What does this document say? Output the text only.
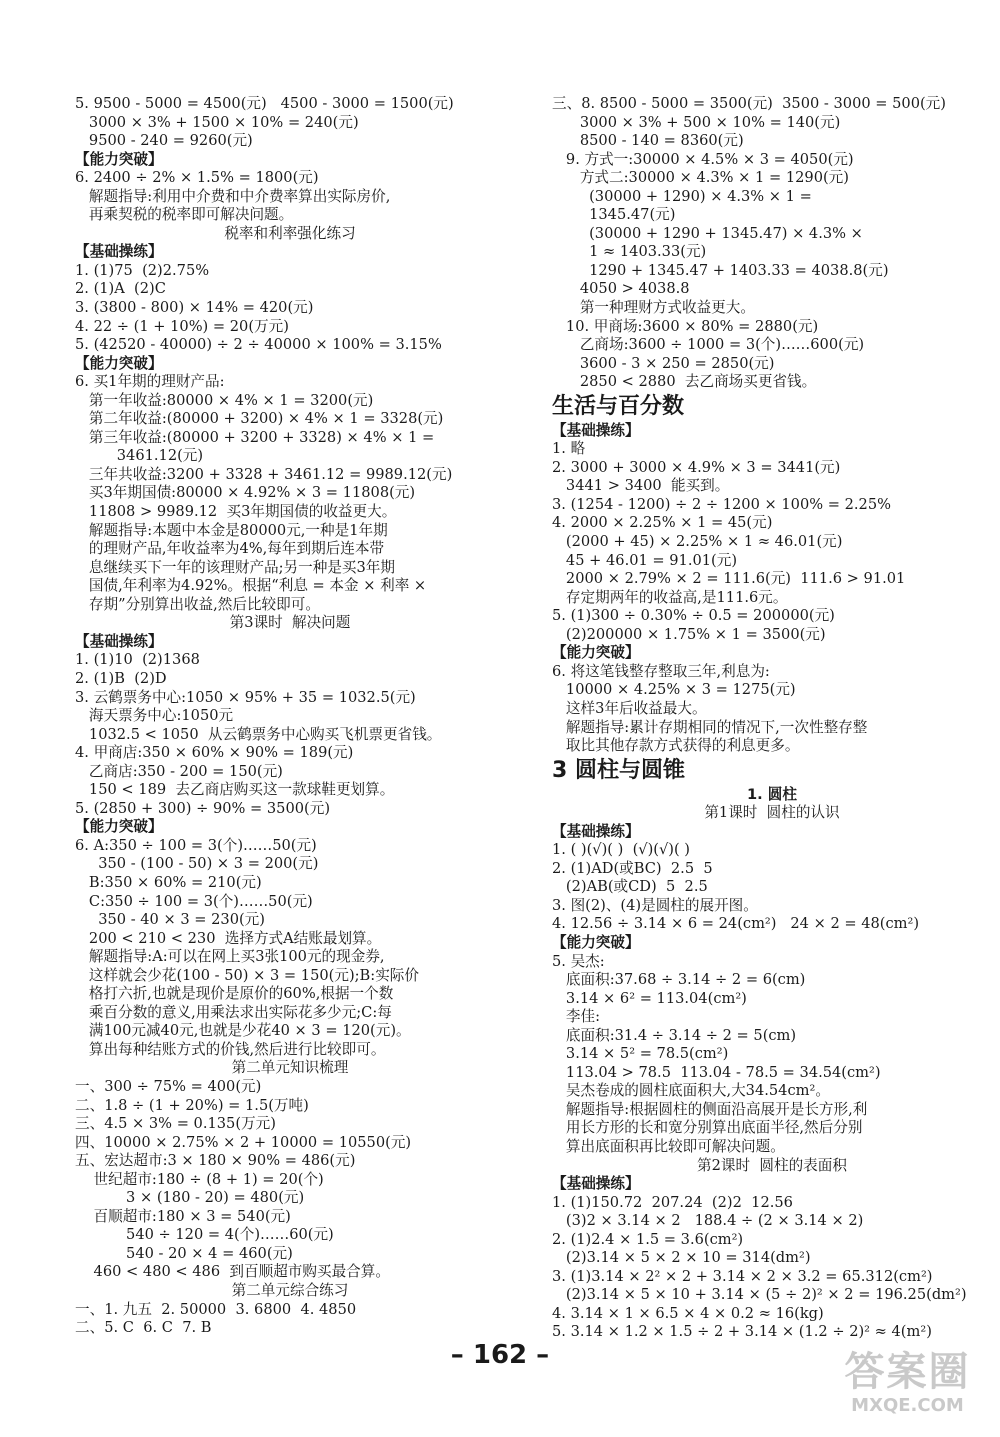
5. 9500 - 5000 = 4500(元)   4500 - 3000 = 1500(元)
3000 × 3% + 1500 × 10% = 240(元)
9500 - 240 = 9260(元)
【能力突破】
6. 2400 ÷ 2% × 1.5% = 1800(元)
解题指导:利用中介费和中介费率算出实际房价,
再乘契税的税率即可解决问题。
税率和利率强化练习
【基础操练】
1. (1)75  (2)2.75%
2. (1)A  (2)C
3. (3800 - 800) × 14% = 420(元)
4. 22 ÷ (1 + 10%) = 20(万元)
5. (42520 - 40000) ÷ 2 ÷ 40000 × 100% = 3.15%
【能力突破】
6. 买1年期的理财产品:
第一年收益:80000 × 4% × 1 = 3200(元)
第二年收益:(80000 + 3200) × 4% × 1 = 3328(元)
第三年收益:(80000 + 3200 + 3328) × 4% × 1 =
3461.12(元)
三年共收益:3200 + 3328 + 3461.12 = 9989.12(元)
买3年期国债:80000 × 4.92% × 3 = 11808(元)
11808 > 9989.12  买3年期国债的收益更大。
解题指导:本题中本金是80000元,一种是1年期
的理财产品,年收益率为4%,每年到期后连本带
息继续买下一年的该理财产品;另一种是买3年期
国债,年利率为4.92%。根据“利息 = 本金 × 利率 ×
存期”分别算出收益,然后比较即可。
第3课时  解决问题
【基础操练】
1. (1)10  (2)1368
2. (1)B  (2)D
3. 云鹤票务中心:1050 × 95% + 35 = 1032.5(元)
海天票务中心:1050元
1032.5 < 1050  从云鹤票务中心购买飞机票更省钱。
4. 甲商店:350 × 60% × 90% = 189(元)
乙商店:350 - 200 = 150(元)
150 < 189  去乙商店购买这一款球鞋更划算。
5. (2850 + 300) ÷ 90% = 3500(元)
【能力突破】
6. A:350 ÷ 100 = 3(个)……50(元)
350 - (100 - 50) × 3 = 200(元)
B:350 × 60% = 210(元)
C:350 ÷ 100 = 3(个)……50(元)
350 - 40 × 3 = 230(元)
200 < 210 < 230  选择方式A结账最划算。
解题指导:A:可以在网上买3张100元的现金券,
这样就会少花(100 - 50) × 3 = 150(元);B:实际价
格打六折,也就是现价是原价的60%,根据一个数
乘百分数的意义,用乘法求出实际花多少元;C:每
满100元减40元,也就是少花40 × 3 = 120(元)。
算出每种结账方式的价钱,然后进行比较即可。
第二单元知识梳理
一、300 ÷ 75% = 400(元)
二、1.8 ÷ (1 + 20%) = 1.5(万吨)
三、4.5 × 3% = 0.135(万元)
四、10000 × 2.75% × 2 + 10000 = 10550(元)
五、宏达超市:3 × 180 × 90% = 486(元)
世纪超市:180 ÷ (8 + 1) = 20(个)
3 × (180 - 20) = 480(元)
百顺超市:180 × 3 = 540(元)
540 ÷ 120 = 4(个)……60(元)
540 - 20 × 4 = 460(元)
460 < 480 < 486  到百顺超市购买最合算。
第二单元综合练习
一、1. 九五  2. 50000  3. 6800  4. 4850
二、5. C  6. C  7. B
三、8. 8500 - 5000 = 3500(元)  3500 - 3000 = 500(元)
3000 × 3% + 500 × 10% = 140(元)
8500 - 140 = 8360(元)
9. 方式一:30000 × 4.5% × 3 = 4050(元)
方式二:30000 × 4.3% × 1 = 1290(元)
(30000 + 1290) × 4.3% × 1 =
1345.47(元)
(30000 + 1290 + 1345.47) × 4.3% ×
1 ≈ 1403.33(元)
1290 + 1345.47 + 1403.33 = 4038.8(元)
4050 > 4038.8
第一种理财方式收益更大。
10. 甲商场:3600 × 80% = 2880(元)
乙商场:3600 ÷ 1000 = 3(个)……600(元)
3600 - 3 × 250 = 2850(元)
2850 < 2880  去乙商场买更省钱。
生活与百分数
【基础操练】
1. 略
2. 3000 + 3000 × 4.9% × 3 = 3441(元)
3441 > 3400  能买到。
3. (1254 - 1200) ÷ 2 ÷ 1200 × 100% = 2.25%
4. 2000 × 2.25% × 1 = 45(元)
(2000 + 45) × 2.25% × 1 ≈ 46.01(元)
45 + 46.01 = 91.01(元)
2000 × 2.79% × 2 = 111.6(元)  111.6 > 91.01
存定期两年的收益高,是111.6元。
5. (1)300 ÷ 0.30% ÷ 0.5 = 200000(元)
(2)200000 × 1.75% × 1 = 3500(元)
【能力突破】
6. 将这笔钱整存整取三年,利息为:
10000 × 4.25% × 3 = 1275(元)
这样3年后收益最大。
解题指导:累计存期相同的情况下,一次性整存整
取比其他存款方式获得的利息更多。
3 圆柱与圆锥
1. 圆柱
第1课时  圆柱的认识
【基础操练】
1. ( )(√)( )  (√)(√)( )
2. (1)AD(或BC)  2.5  5
(2)AB(或CD)  5  2.5
3. 图(2)、(4)是圆柱的展开图。
4. 12.56 ÷ 3.14 × 6 = 24(cm²)   24 × 2 = 48(cm²)
【能力突破】
5. 吴杰:
底面积:37.68 ÷ 3.14 ÷ 2 = 6(cm)
3.14 × 6² = 113.04(cm²)
李佳:
底面积:31.4 ÷ 3.14 ÷ 2 = 5(cm)
3.14 × 5² = 78.5(cm²)
113.04 > 78.5  113.04 - 78.5 = 34.54(cm²)
吴杰卷成的圆柱底面积大,大34.54cm²。
解题指导:根据圆柱的侧面沿高展开是长方形,利
用长方形的长和宽分别算出底面半径,然后分别
算出底面积再比较即可解决问题。
第2课时  圆柱的表面积
【基础操练】
1. (1)150.72  207.24  (2)2  12.56
(3)2 × 3.14 × 2   188.4 ÷ (2 × 3.14 × 2)
2. (1)2.4 × 1.5 = 3.6(cm²)
(2)3.14 × 5 × 2 × 10 = 314(dm²)
3. (1)3.14 × 2² × 2 + 3.14 × 2 × 3.2 = 65.312(cm²)
(2)3.14 × 5 × 10 + 3.14 × (5 ÷ 2)² × 2 = 196.25(dm²)
4. 3.14 × 1 × 6.5 × 4 × 0.2 ≈ 16(kg)
5. 3.14 × 1.2 × 1.5 ÷ 2 + 3.14 × (1.2 ÷ 2)² ≈ 4(m²)
– 162 –	答案圈
MXQE.COM
